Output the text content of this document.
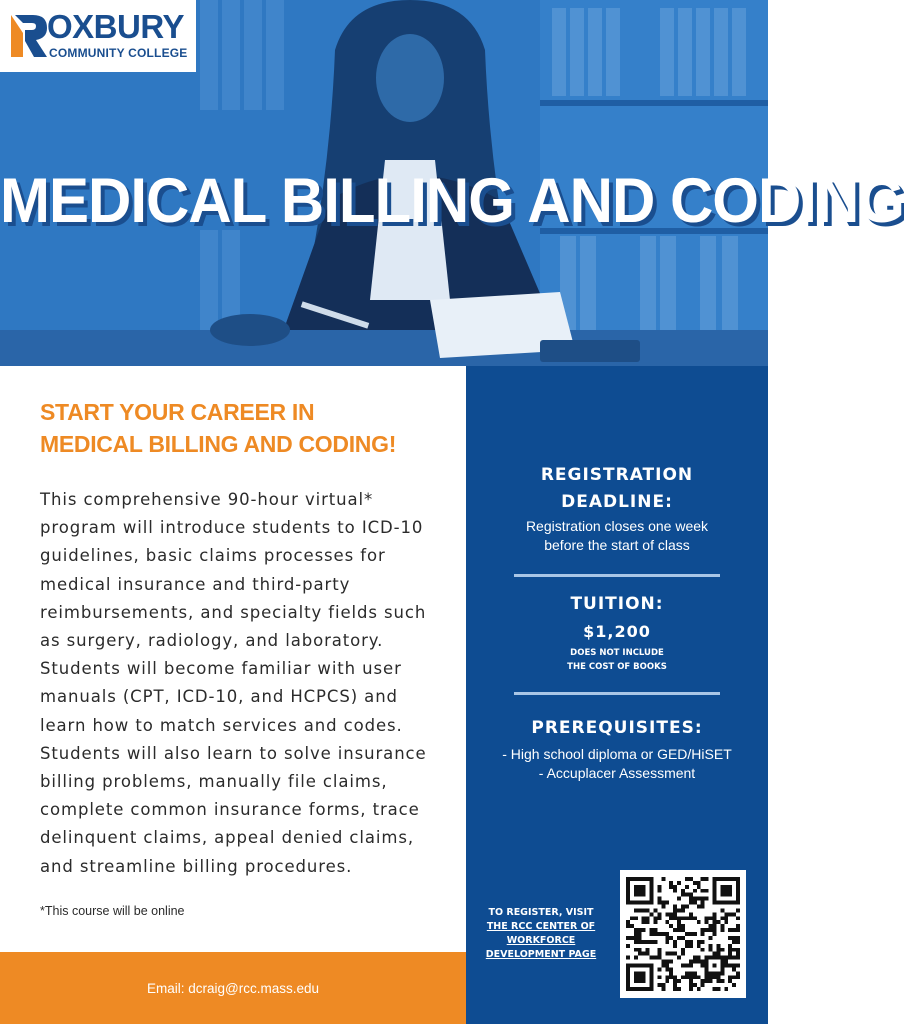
OXBURY
COMMUNITY COLLEGE
MEDICAL BILLING AND CODING
START YOUR CAREER IN
MEDICAL BILLING AND CODING!

This comprehensive 90-hour virtual* program will introduce students to ICD-10 guidelines, basic claims processes for medical insurance and third-party reimbursements, and specialty fields such as surgery, radiology, and laboratory. Students will become familiar with user manuals (CPT, ICD-10, and HCPCS) and learn how to match services and codes. Students will also learn to solve insurance billing problems, manually file claims, complete common insurance forms, trace delinquent claims, appeal denied claims, and streamline billing procedures.

*This course will be online

Email: dcraig@rcc.mass.edu
REGISTRATION
DEADLINE:
Registration closes one week
before the start of class
TUITION:
$1,200
DOES NOT INCLUDE
THE COST OF BOOKS
PREREQUISITES:
- High school diploma or GED/HiSET
- Accuplacer Assessment
TO REGISTER, VISIT THE RCC CENTER OF WORKFORCE DEVELOPMENT PAGE
